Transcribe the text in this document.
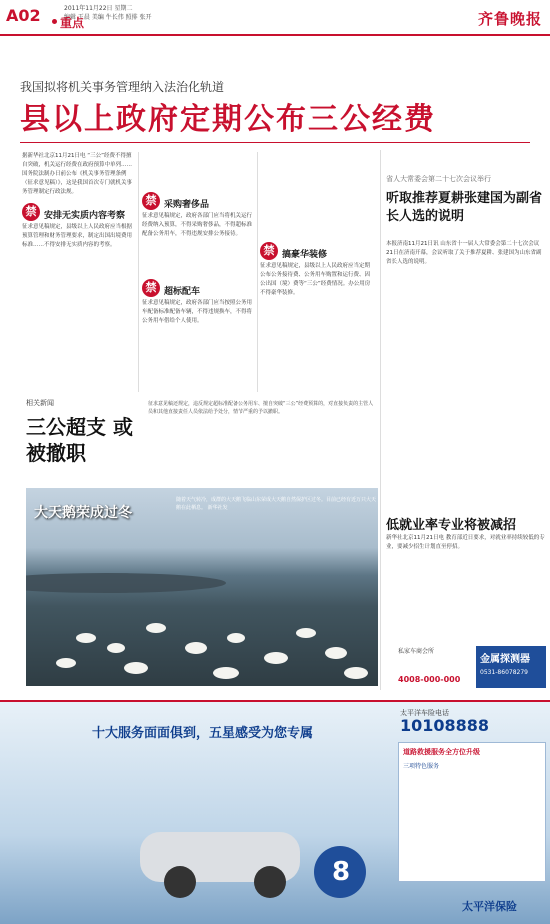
A02	2011年11月22日 星期二
编辑 王晨 美编 牛长伟 照排 张开
重点	齐鲁晚报
我国拟将机关事务管理纳入法治化轨道
县以上政府定期公布三公经费

据新华社北京11月21日电 “三公”经费不得擅自突破，机关运行经费在政府预算中单列……国务院法制办日前公布《机关事务管理条例（征求意见稿）》，这是我国首次专门就机关事务管理制定行政法规。

禁 安排无实质内容考察

征求意见稿规定，县级以上人民政府应当根据预算管理和财务管理要求，制定出国出境费用标准……不得安排无实质内容的考察。

禁 采购奢侈品

征求意见稿规定，政府各部门应当将机关运行经费纳入预算，不得采购奢侈品，不得超标准配备公务用车，不得违规安排公务接待。

禁 超标配车

征求意见稿规定，政府各部门应当按照公务用车配备标准配备车辆，不得违规换车，不得将公务用车借给个人使用。

禁 搞豪华装修

征求意见稿规定，县级以上人民政府应当定期公布公务接待费、公务用车购置和运行费、因公出国（境）费等“三公”经费情况。办公用房不得豪华装修。

相关新闻
三公超支 或被撤职
征求意见稿还规定，违反规定超标准配备公务用车、擅自突破“三公”经费预算的，对直接负责的主管人员和其他直接责任人员依法给予处分，情节严重的予以撤职。
省人大常委会第二十七次会议举行
听取推荐夏耕张建国为副省长人选的说明
本报济南11月21日讯 山东省十一届人大常委会第二十七次会议21日在济南开幕，会议听取了关于推荐夏耕、张建国为山东省副省长人选的说明。
低就业率专业将被减招
新华社北京11月21日电 教育部近日要求，对就业率持续较低的专业，要减少招生计划直至停招。
大天鹅荣成过冬
随着天气转冷，成群的大天鹅飞临山东荣成大天鹅自然保护区过冬。目前已经有近万只大天鹅在此栖息。 新华社发
私家车商会所
4008-000-000
金属探测器
0531-86078279
十大服务面面俱到，五星感受为您专属
太平洋车险电话
10108888
8
道路救援服务全方位升级
三项特色服务
太平洋保险
